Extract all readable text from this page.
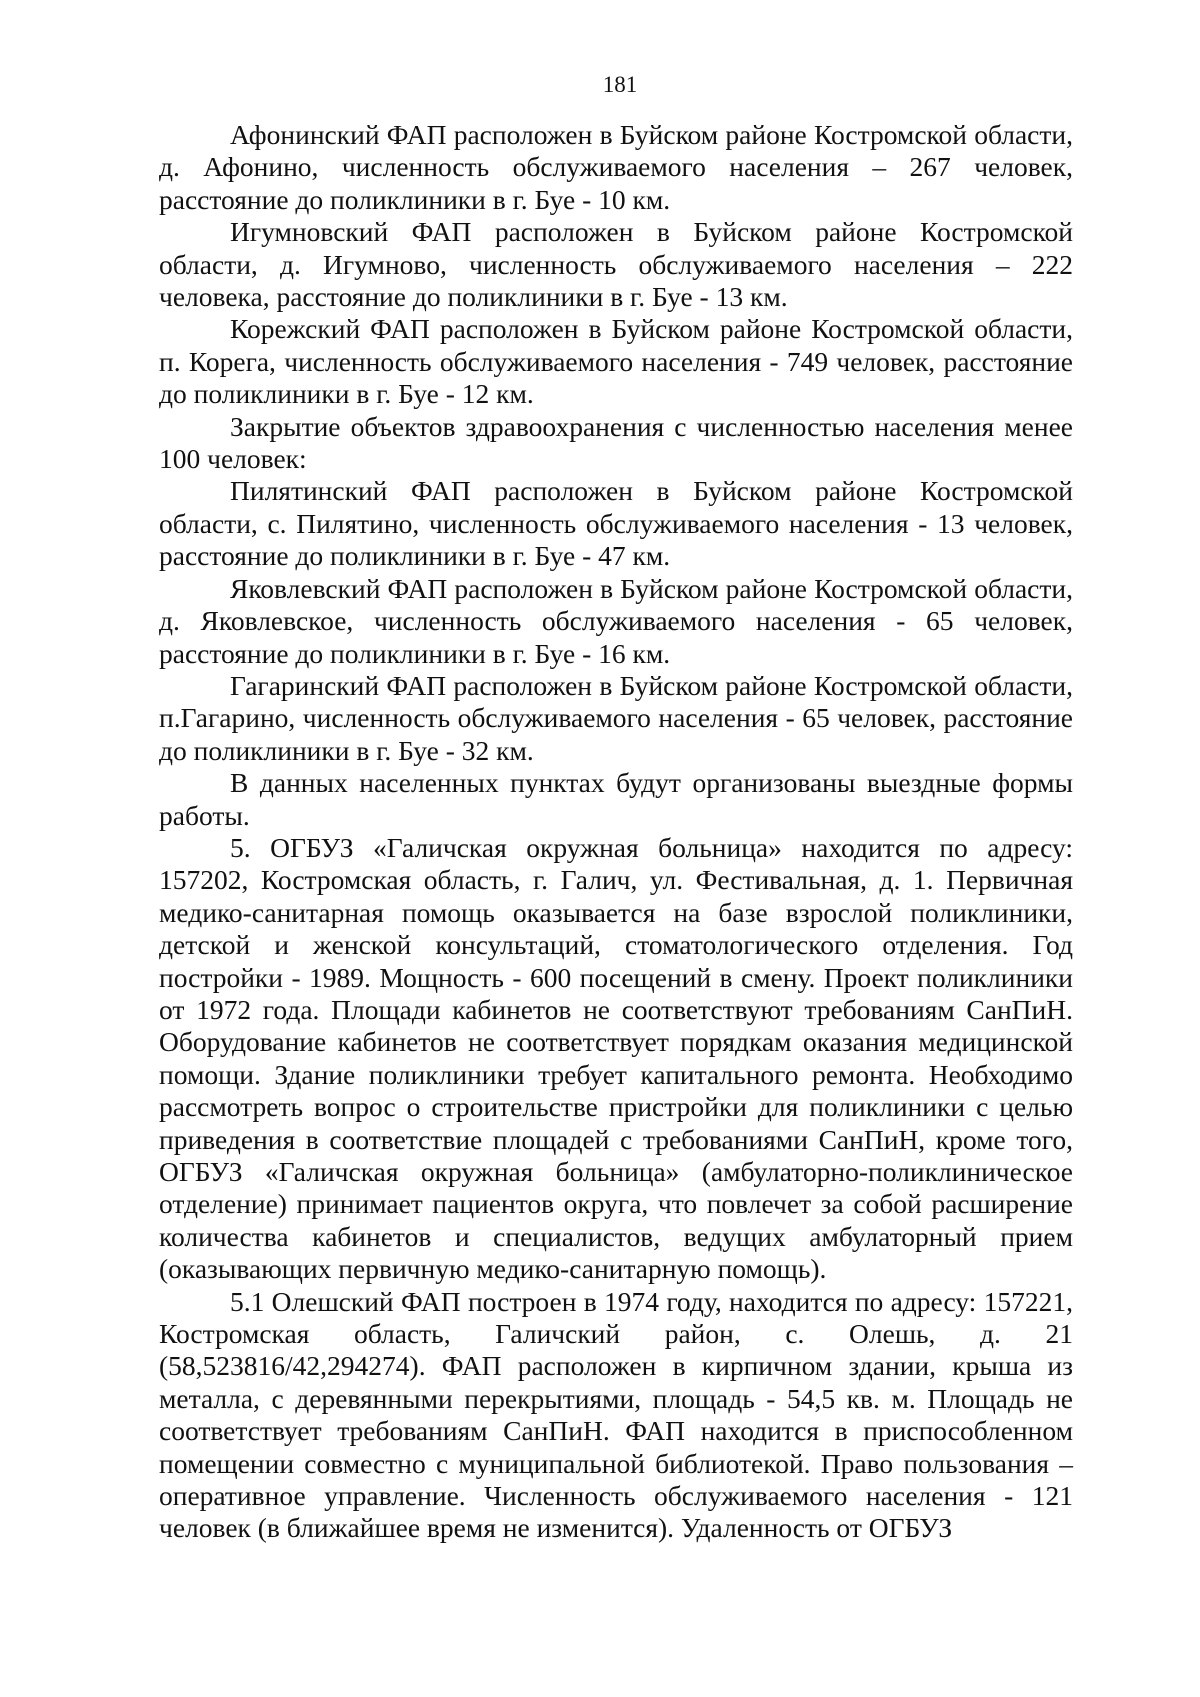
181

Афонинский ФАП расположен в Буйском районе Костромской области, д. Афонино, численность обслуживаемого населения – 267 человек, расстояние до поликлиники в г. Буе - 10 км.

Игумновский ФАП расположен в Буйском районе Костромской области, д. Игумново, численность обслуживаемого населения – 222 человека, расстояние до поликлиники в г. Буе - 13 км.

Корежский ФАП расположен в Буйском районе Костромской области, п. Корега, численность обслуживаемого населения - 749 человек, расстояние до поликлиники в г. Буе - 12 км.

Закрытие объектов здравоохранения с численностью населения менее 100 человек:

Пилятинский ФАП расположен в Буйском районе Костромской области, с. Пилятино, численность обслуживаемого населения - 13 человек, расстояние до поликлиники в г. Буе - 47 км.

Яковлевский ФАП расположен в Буйском районе Костромской области, д. Яковлевское, численность обслуживаемого населения - 65 человек, расстояние до поликлиники в г. Буе - 16 км.

Гагаринский ФАП расположен в Буйском районе Костромской области, п.Гагарино, численность обслуживаемого населения - 65 человек, расстояние до поликлиники в г. Буе - 32 км.

В данных населенных пунктах будут организованы выездные формы работы.

5. ОГБУЗ «Галичская окружная больница» находится по адресу: 157202, Костромская область, г. Галич, ул. Фестивальная, д. 1. Первичная медико-санитарная помощь оказывается на базе взрослой поликлиники, детской и женской консультаций, стоматологического отделения. Год постройки - 1989. Мощность - 600 посещений в смену. Проект поликлиники от 1972 года. Площади кабинетов не соответствуют требованиям СанПиН. Оборудование кабинетов не соответствует порядкам оказания медицинской помощи. Здание поликлиники требует капитального ремонта. Необходимо рассмотреть вопрос о строительстве пристройки для поликлиники с целью приведения в соответствие площадей с требованиями СанПиН, кроме того, ОГБУЗ «Галичская окружная больница» (амбулаторно-поликлиническое отделение) принимает пациентов округа, что повлечет за собой расширение количества кабинетов и специалистов, ведущих амбулаторный прием (оказывающих первичную медико-санитарную помощь).

5.1 Олешский ФАП построен в 1974 году, находится по адресу: 157221, Костромская область, Галичский район, с. Олешь, д. 21 (58,523816/42,294274). ФАП расположен в кирпичном здании, крыша из металла, с деревянными перекрытиями, площадь - 54,5 кв. м. Площадь не соответствует требованиям СанПиН. ФАП находится в приспособленном помещении совместно с муниципальной библиотекой. Право пользования – оперативное управление. Численность обслуживаемого населения - 121 человек (в ближайшее время не изменится). Удаленность от ОГБУЗ
